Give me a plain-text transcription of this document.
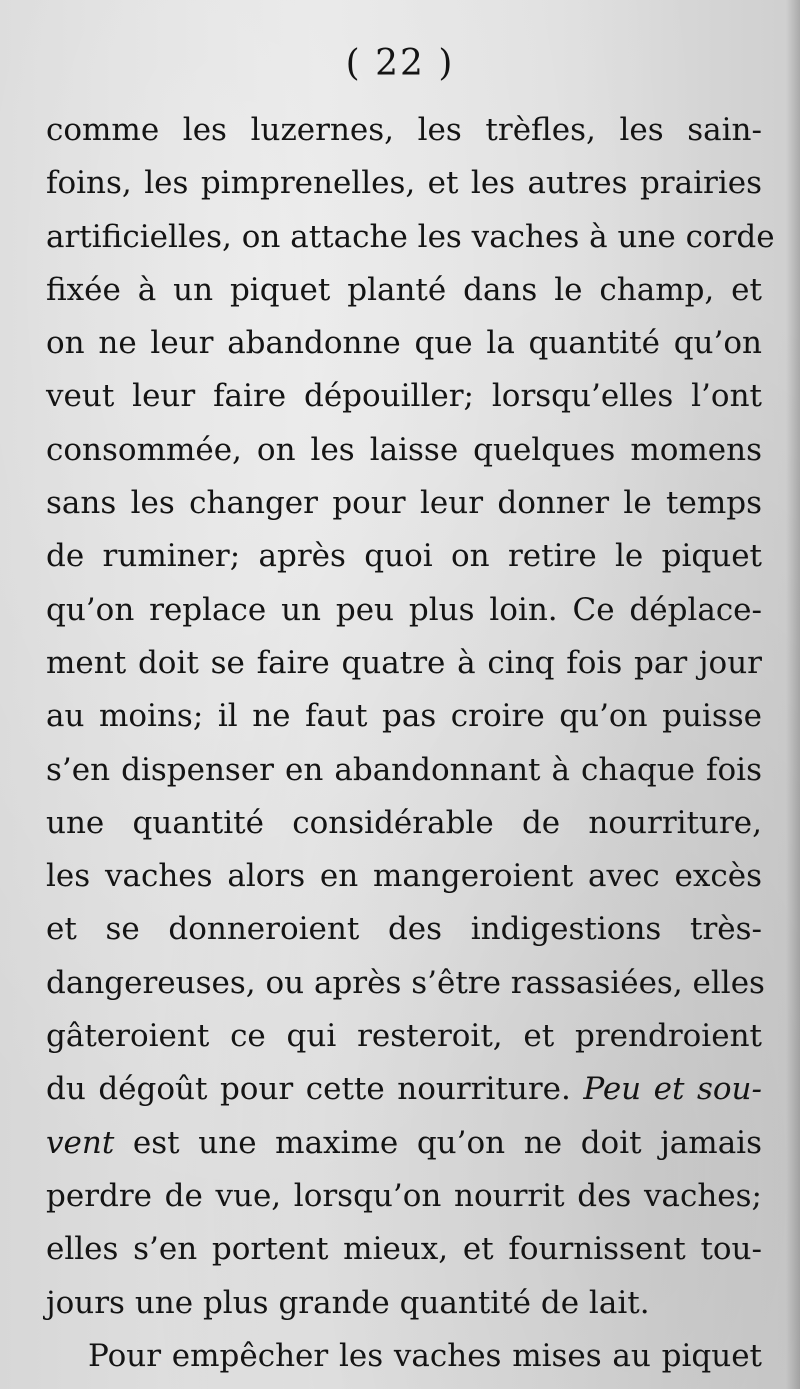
( 22 )
comme les luzernes, les trèfles, les sain-
foins, les pimprenelles, et les autres prairies
artificielles, on attache les vaches à une corde
fixée à un piquet planté dans le champ, et
on ne leur abandonne que la quantité qu’on
veut leur faire dépouiller; lorsqu’elles l’ont
consommée, on les laisse quelques momens
sans les changer pour leur donner le temps
de ruminer; après quoi on retire le piquet
qu’on replace un peu plus loin. Ce déplace-
ment doit se faire quatre à cinq fois par jour
au moins; il ne faut pas croire qu’on puisse
s’en dispenser en abandonnant à chaque fois
une quantité considérable de nourriture,
les vaches alors en mangeroient avec excès
et se donneroient des indigestions très-
dangereuses, ou après s’être rassasiées, elles
gâteroient ce qui resteroit, et prendroient
du dégoût pour cette nourriture. Peu et sou-
vent est une maxime qu’on ne doit jamais
perdre de vue, lorsqu’on nourrit des vaches;
elles s’en portent mieux, et fournissent tou-
jours une plus grande quantité de lait.
Pour empêcher les vaches mises au piquet
